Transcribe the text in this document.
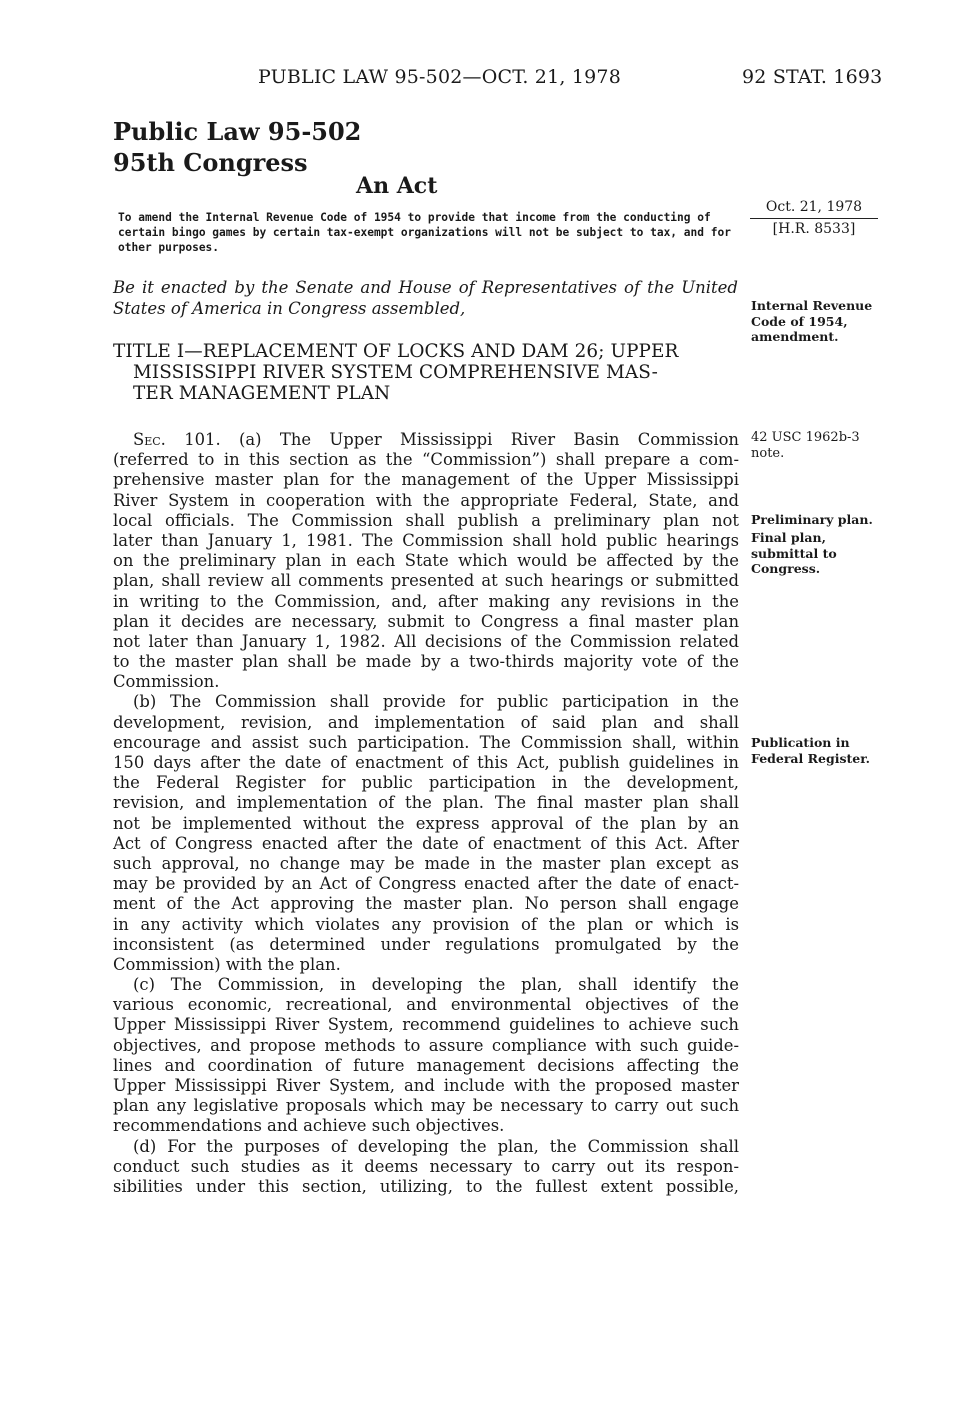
PUBLIC LAW 95-502—OCT. 21, 1978	92 STAT. 1693
Public Law 95-502
95th Congress
An Act
To amend the Internal Revenue Code of 1954 to provide that income from the conducting of certain bingo games by certain tax-exempt organizations will not be subject to tax, and for other purposes.
Be it enacted by the Senate and House of Representatives of the United States of America in Congress assembled,
TITLE I—REPLACEMENT OF LOCKS AND DAM 26; UPPER
MISSISSIPPI RIVER SYSTEM COMPREHENSIVE MAS-
TER MANAGEMENT PLAN
Sec. 101. (a) The Upper Mississippi River Basin Commission
(referred to in this section as the “Commission”) shall prepare a com-
prehensive master plan for the management of the Upper Mississippi
River System in cooperation with the appropriate Federal, State, and
local officials. The Commission shall publish a preliminary plan not
later than January 1, 1981. The Commission shall hold public hearings
on the preliminary plan in each State which would be affected by the
plan, shall review all comments presented at such hearings or submitted
in writing to the Commission, and, after making any revisions in the
plan it decides are necessary, submit to Congress a final master plan
not later than January 1, 1982. All decisions of the Commission related
to the master plan shall be made by a two-thirds majority vote of the
Commission.
(b) The Commission shall provide for public participation in the
development, revision, and implementation of said plan and shall
encourage and assist such participation. The Commission shall, within
150 days after the date of enactment of this Act, publish guidelines in
the Federal Register for public participation in the development,
revision, and implementation of the plan. The final master plan shall
not be implemented without the express approval of the plan by an
Act of Congress enacted after the date of enactment of this Act. After
such approval, no change may be made in the master plan except as
may be provided by an Act of Congress enacted after the date of enact-
ment of the Act approving the master plan. No person shall engage
in any activity which violates any provision of the plan or which is
inconsistent (as determined under regulations promulgated by the
Commission) with the plan.
(c) The Commission, in developing the plan, shall identify the
various economic, recreational, and environmental objectives of the
Upper Mississippi River System, recommend guidelines to achieve such
objectives, and propose methods to assure compliance with such guide-
lines and coordination of future management decisions affecting the
Upper Mississippi River System, and include with the proposed master
plan any legislative proposals which may be necessary to carry out such
recommendations and achieve such objectives.
(d) For the purposes of developing the plan, the Commission shall
conduct such studies as it deems necessary to carry out its respon-
sibilities under this section, utilizing, to the fullest extent possible,
Oct. 21, 1978
[H.R. 8533]
Internal Revenue
Code of 1954,
amendment.
42 USC 1962b-3
note.
Preliminary plan.
Final plan,
submittal to
Congress.
Publication in
Federal Register.
